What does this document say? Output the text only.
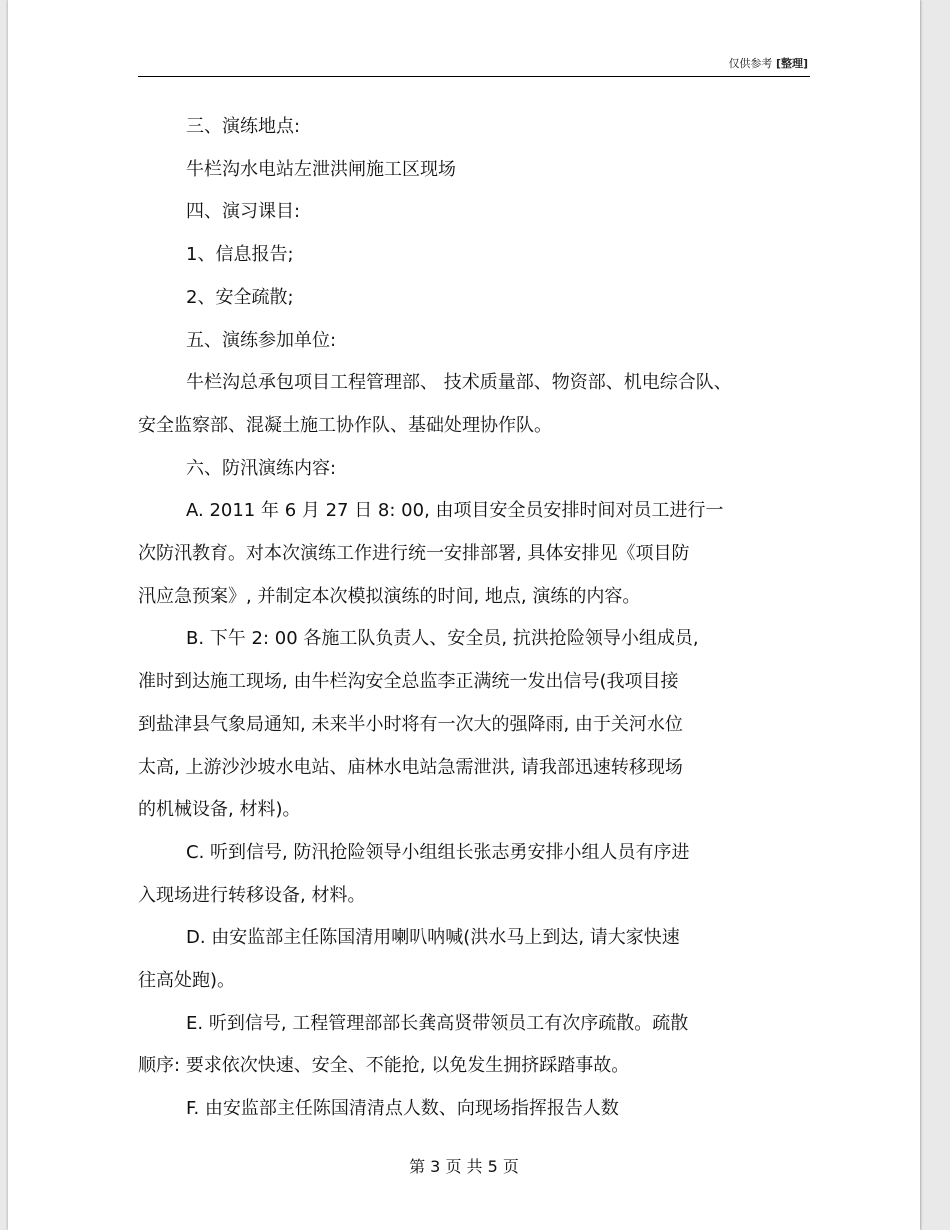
仅供参考 [整理]

三、演练地点:

牛栏沟水电站左泄洪闸施工区现场

四、演习课目:

1、信息报告;

2、安全疏散;

五、演练参加单位:

牛栏沟总承包项目工程管理部、 技术质量部、物资部、机电综合队、

安全监察部、混凝土施工协作队、基础处理协作队。

六、防汛演练内容:

A. 2011 年 6 月 27 日 8: 00, 由项目安全员安排时间对员工进行一

次防汛教育。对本次演练工作进行统一安排部署, 具体安排见《项目防

汛应急预案》, 并制定本次模拟演练的时间, 地点, 演练的内容。

B. 下午 2: 00 各施工队负责人、安全员, 抗洪抢险领导小组成员,

准时到达施工现场, 由牛栏沟安全总监李正满统一发出信号(我项目接

到盐津县气象局通知, 未来半小时将有一次大的强降雨, 由于关河水位

太高, 上游沙沙坡水电站、庙林水电站急需泄洪, 请我部迅速转移现场

的机械设备, 材料)。

C. 听到信号, 防汛抢险领导小组组长张志勇安排小组人员有序进

入现场进行转移设备, 材料。

D. 由安监部主任陈国清用喇叭呐喊(洪水马上到达, 请大家快速

往高处跑)。

E. 听到信号, 工程管理部部长龚高贤带领员工有次序疏散。疏散

顺序: 要求依次快速、安全、不能抢, 以免发生拥挤踩踏事故。

F. 由安监部主任陈国清清点人数、向现场指挥报告人数

第 3 页 共 5 页
